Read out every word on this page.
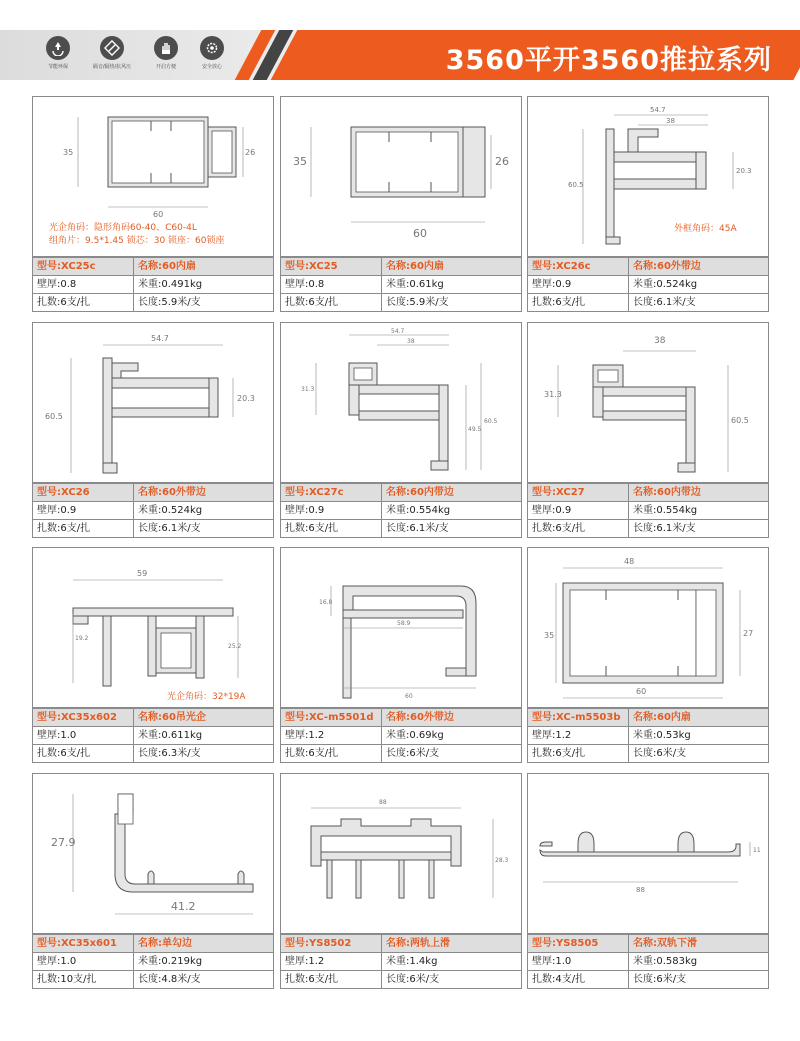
3560平开3560推拉系列
节能环保	隔音/隔热/抗风压	开启方便	安全放心
35	26
60
光企角码：隐形角码60-40、C60-4L
组角片：9.5*1.45 锁芯：30 锁座：60锁座
型号:XC25c	名称:60内扇
壁厚:0.8	米重:0.491kg
扎数:6支/扎	长度:5.9米/支
35	26
60
型号:XC25	名称:60内扇
壁厚:0.8	米重:0.61kg
扎数:6支/扎	长度:5.9米/支
54.7
38
60.5
20.3
外框角码：45A
型号:XC26c	名称:60外带边
壁厚:0.9	米重:0.524kg
扎数:6支/扎	长度:6.1米/支
54.7
60.5
20.3
型号:XC26	名称:60外带边
壁厚:0.9	米重:0.524kg
扎数:6支/扎	长度:6.1米/支
54.7
38
31.3
49.5
60.5
型号:XC27c	名称:60内带边
壁厚:0.9	米重:0.554kg
扎数:6支/扎	长度:6.1米/支
38
31.3
60.5
型号:XC27	名称:60内带边
壁厚:0.9	米重:0.554kg
扎数:6支/扎	长度:6.1米/支
59
19.2
25.2
光企角码：32*19A
型号:XC35x602	名称:60吊光企
壁厚:1.0	米重:0.611kg
扎数:6支/扎	长度:6.3米/支
16.8
58.9
60
型号:XC-m5501d	名称:60外带边
壁厚:1.2	米重:0.69kg
扎数:6支/扎	长度:6米/支
48
35	27
60
型号:XC-m5503b	名称:60内扇
壁厚:1.2	米重:0.53kg
扎数:6支/扎	长度:6米/支
27.9
41.2
型号:XC35x601	名称:单勾边
壁厚:1.0	米重:0.219kg
扎数:10支/扎	长度:4.8米/支
88
28.3
型号:YS8502	名称:两轨上滑
壁厚:1.2	米重:1.4kg
扎数:6支/扎	长度:6米/支
88
11
型号:YS8505	名称:双轨下滑
壁厚:1.0	米重:0.583kg
扎数:4支/扎	长度:6米/支
